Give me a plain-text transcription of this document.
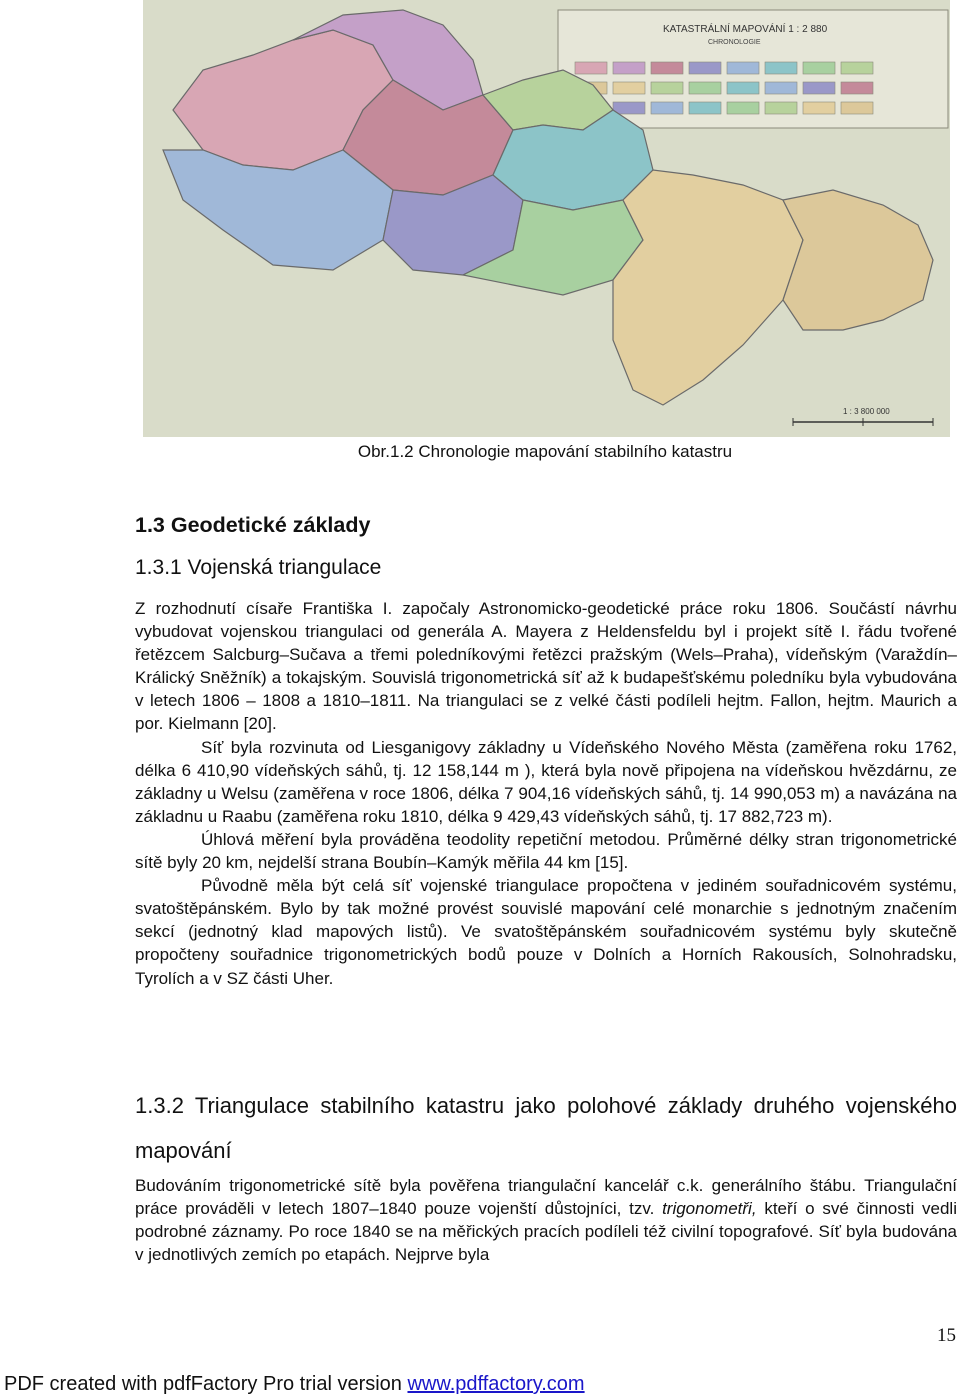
KATASTRÁLNÍ MAPOVÁNÍ 1 : 2 880
CHRONOLOGIE
1 : 3 800 000
Obr.1.2 Chronologie mapování stabilního katastru
1.3 Geodetické základy
1.3.1 Vojenská triangulace

Z rozhodnutí císaře Františka I. započaly Astronomicko-geodetické práce roku 1806. Součástí návrhu vybudovat vojenskou triangulaci od generála A. Mayera z Heldensfeldu byl i projekt sítě I. řádu tvořené řetězcem Salcburg–Sučava a třemi poledníkovými řetězci pražským (Wels–Praha), vídeňským (Varaždín–Králický Sněžník) a tokajským. Souvislá trigonometrická síť až k budapešťskému poledníku byla vybudována v letech 1806 – 1808 a 1810–1811. Na triangulaci se z velké části podíleli hejtm. Fallon, hejtm. Maurich a por. Kielmann [20].

Síť byla rozvinuta od Liesganigovy základny u Vídeňského Nového Města (zaměřena roku 1762, délka 6 410,90 vídeňských sáhů, tj. 12 158,144 m ), která byla nově připojena na vídeňskou hvězdárnu, ze základny u Welsu (zaměřena v roce 1806, délka 7 904,16 vídeňských sáhů, tj. 14 990,053 m) a navázána na základnu u Raabu (zaměřena roku 1810, délka 9 429,43 vídeňských sáhů, tj. 17 882,723 m).

Úhlová měření byla prováděna teodolity repetiční metodou. Průměrné délky stran trigonometrické sítě byly 20 km, nejdelší strana Boubín–Kamýk měřila 44 km [15].

Původně měla být celá síť vojenské triangulace propočtena v jediném souřadnicovém systému, svatoštěpánském. Bylo by tak možné provést souvislé mapování celé monarchie s jednotným značením sekcí (jednotný klad mapových listů). Ve svatoštěpánském souřadnicovém systému byly skutečně propočteny souřadnice trigonometrických bodů pouze v Dolních a Horních Rakousích, Solnohradsku, Tyrolích a v SZ části Uher.

1.3.2 Triangulace stabilního katastru jako polohové základy druhého vojenského mapování

Budováním trigonometrické sítě byla pověřena triangulační kancelář c.k. generálního štábu. Triangulační práce prováděli v letech 1807–1840 pouze vojenští důstojníci, tzv. trigonometři, kteří o své činnosti vedli podrobné záznamy. Po roce 1840 se na měřických pracích podíleli též civilní topografové. Síť byla budována v jednotlivých zemích po etapách. Nejprve byla

15
PDF created with pdfFactory Pro trial version www.pdffactory.com
